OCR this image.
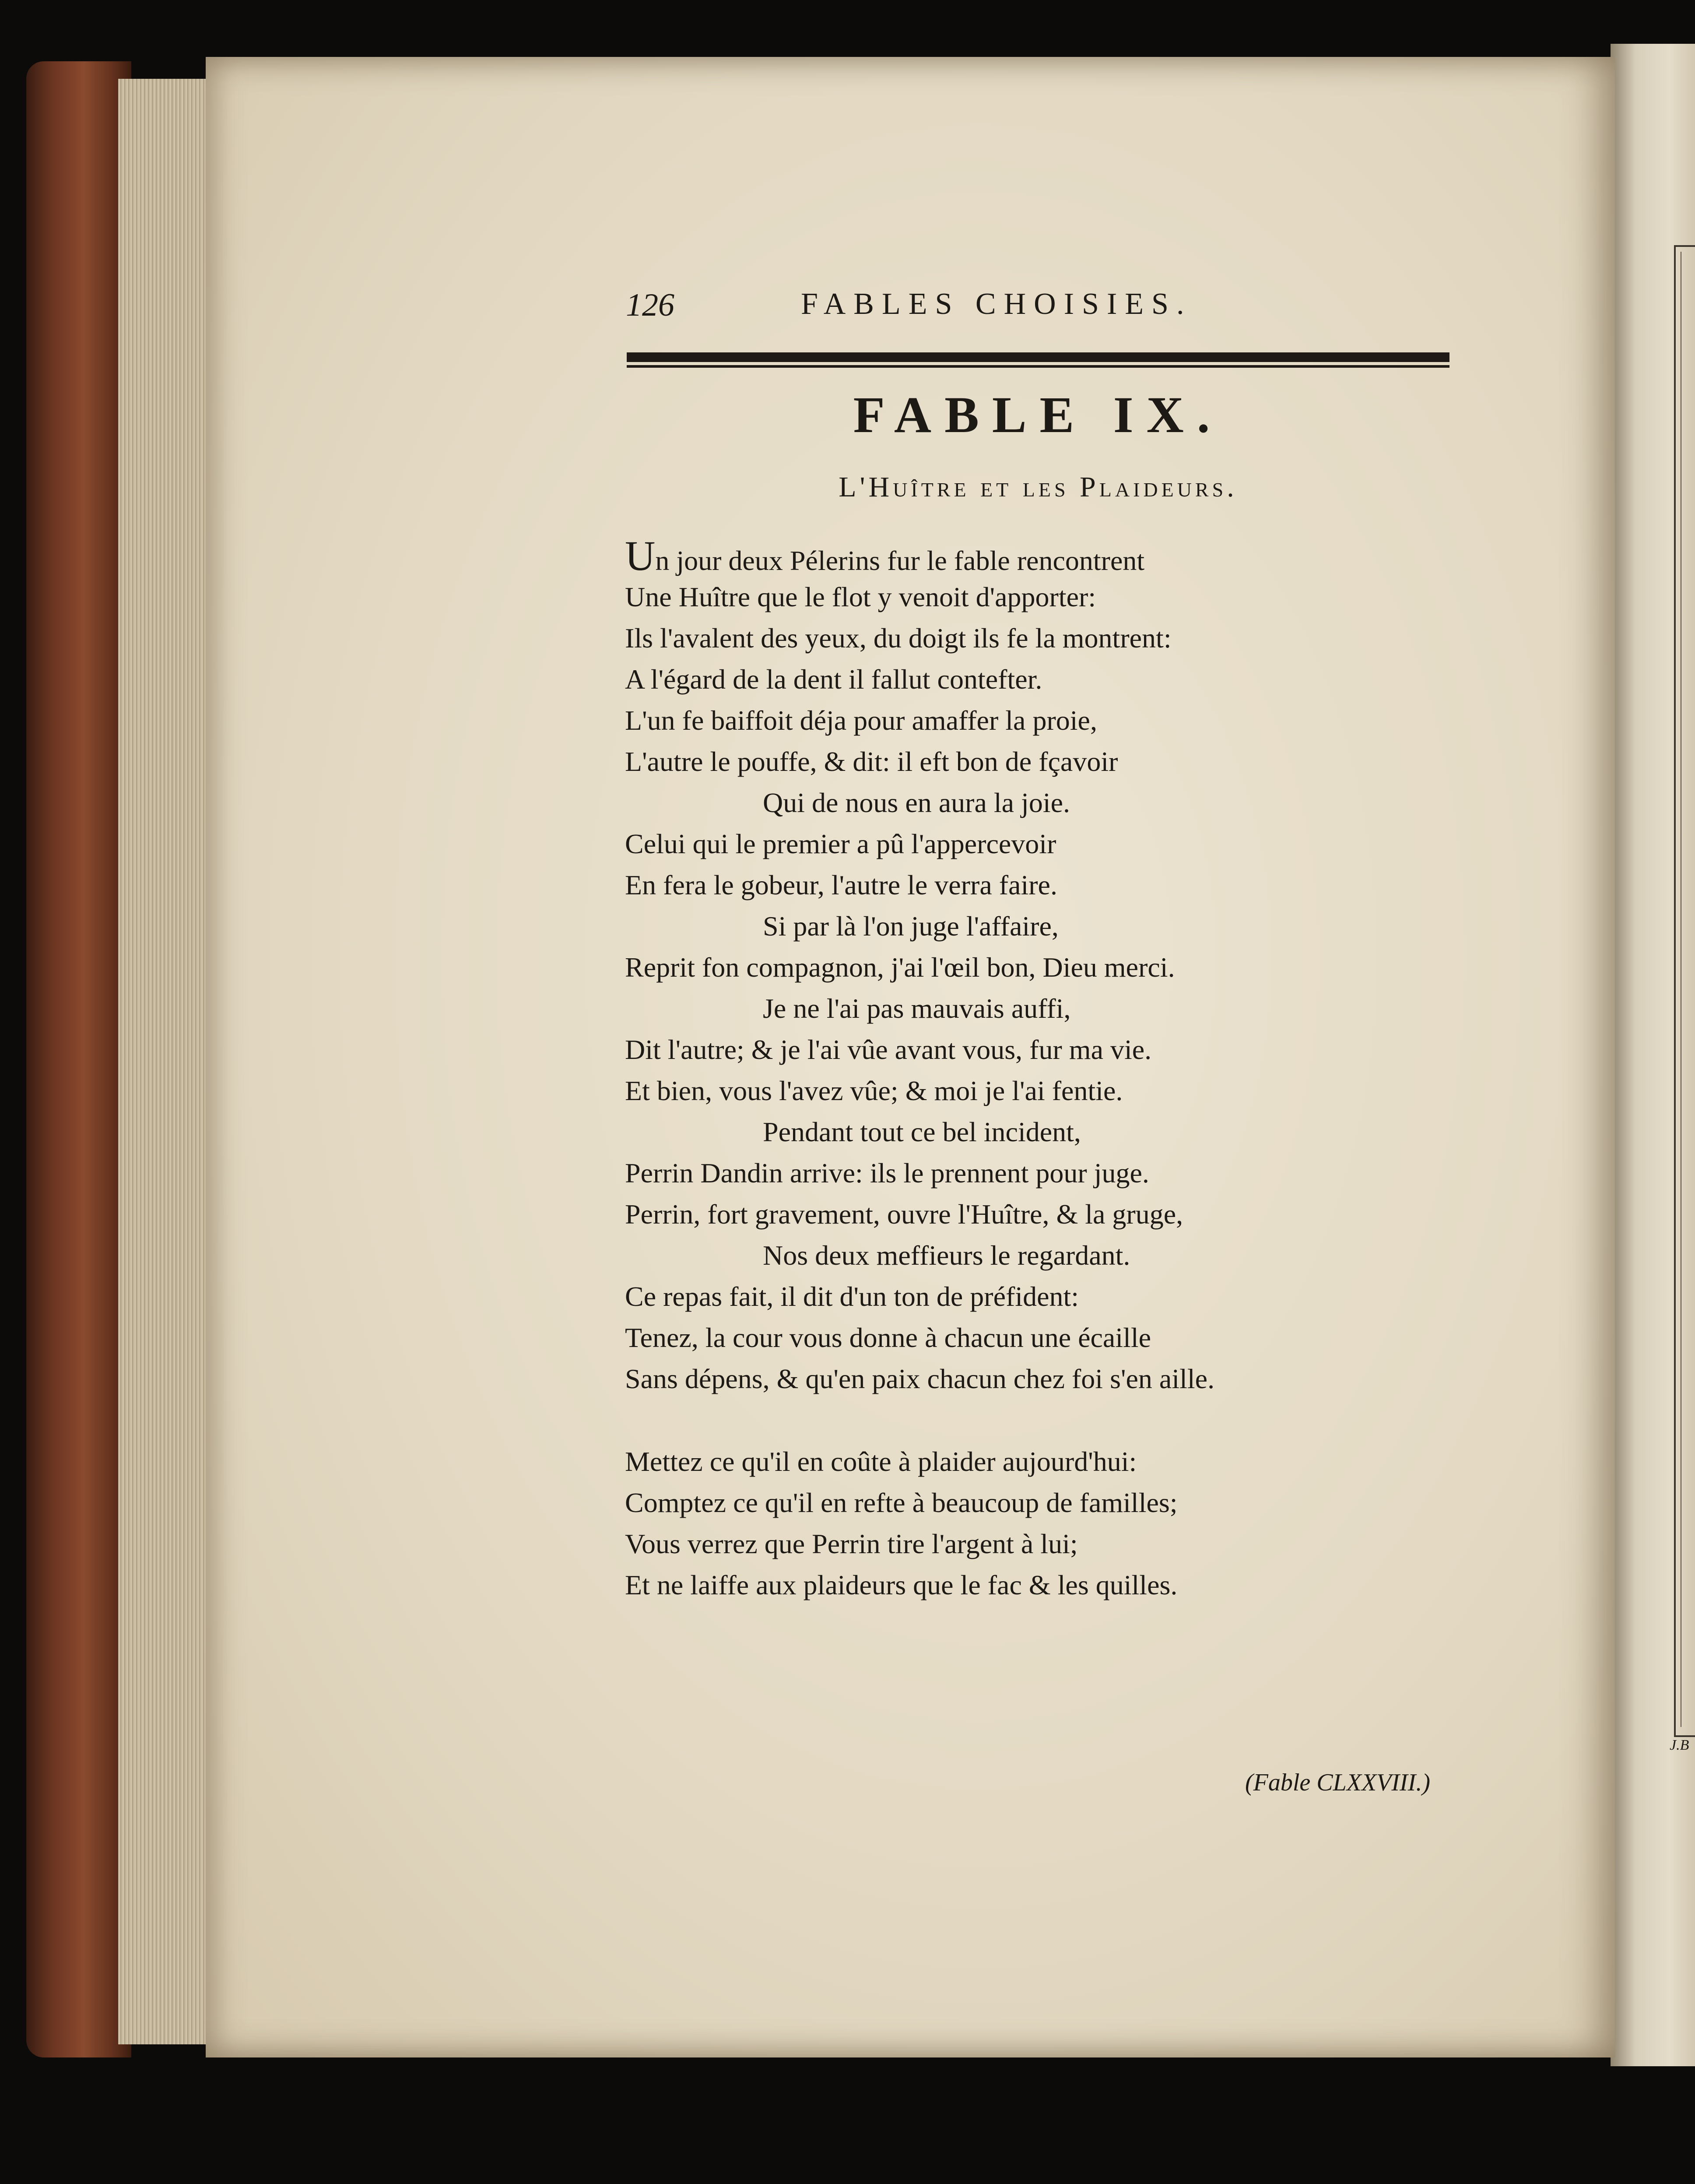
J.B
126	FABLES CHOISIES.
FABLE IX.
L'Huître et les Plaideurs.
Un jour deux Pélerins fur le fable rencontrent
Une Huître que le flot y venoit d'apporter:
Ils l'avalent des yeux, du doigt ils fe la montrent:
A l'égard de la dent il fallut contefter.
L'un fe baiffoit déja pour amaffer la proie,
L'autre le pouffe, & dit: il eft bon de fçavoir
Qui de nous en aura la joie.
Celui qui le premier a pû l'appercevoir
En fera le gobeur, l'autre le verra faire.
Si par là l'on juge l'affaire,
Reprit fon compagnon, j'ai l'œil bon, Dieu merci.
Je ne l'ai pas mauvais auffi,
Dit l'autre; & je l'ai vûe avant vous, fur ma vie.
Et bien, vous l'avez vûe; & moi je l'ai fentie.
Pendant tout ce bel incident,
Perrin Dandin arrive: ils le prennent pour juge.
Perrin, fort gravement, ouvre l'Huître, & la gruge,
Nos deux meffieurs le regardant.
Ce repas fait, il dit d'un ton de préfident:
Tenez, la cour vous donne à chacun une écaille
Sans dépens, & qu'en paix chacun chez foi s'en aille.
Mettez ce qu'il en coûte à plaider aujourd'hui:
Comptez ce qu'il en refte à beaucoup de familles;
Vous verrez que Perrin tire l'argent à lui;
Et ne laiffe aux plaideurs que le fac & les quilles.
(Fable CLXXVIII.)
